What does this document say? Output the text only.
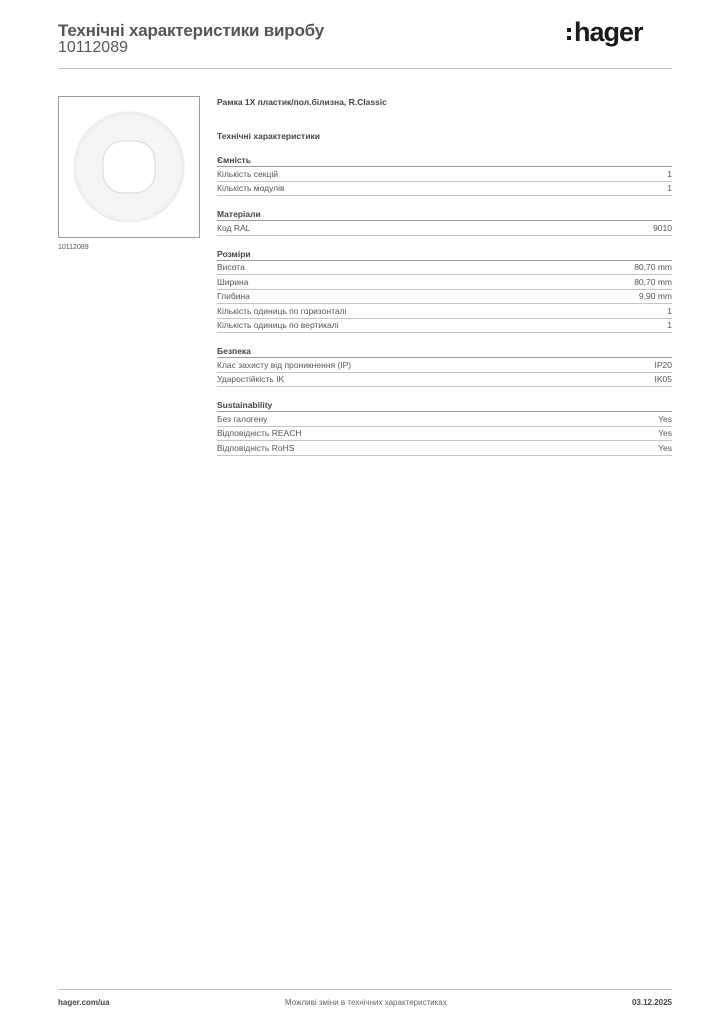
Технічні характеристики виробу
10112089
hager
10112089
Рамка 1X пластик/пол.білизна, R.Classic
Технічні характеристики
Ємність
Кількість секцій	1
Кількість модулів	1
Матеріали
Код RAL	9010
Розміри
Висота	80,70 mm
Ширина	80,70 mm
Глибина	9,90 mm
Кількість одиниць по горизонталі	1
Кількість одиниць по вертикалі	1
Безпека
Клас захисту від проникнення (IP)	IP20
Ударостійкість IK	IK05
Sustainability
Без галогену	Yes
Відповідність REACH	Yes
Відповідність RoHS	Yes
hager.com/ua	Можливі зміни в технічних характеристиках	03.12.2025
